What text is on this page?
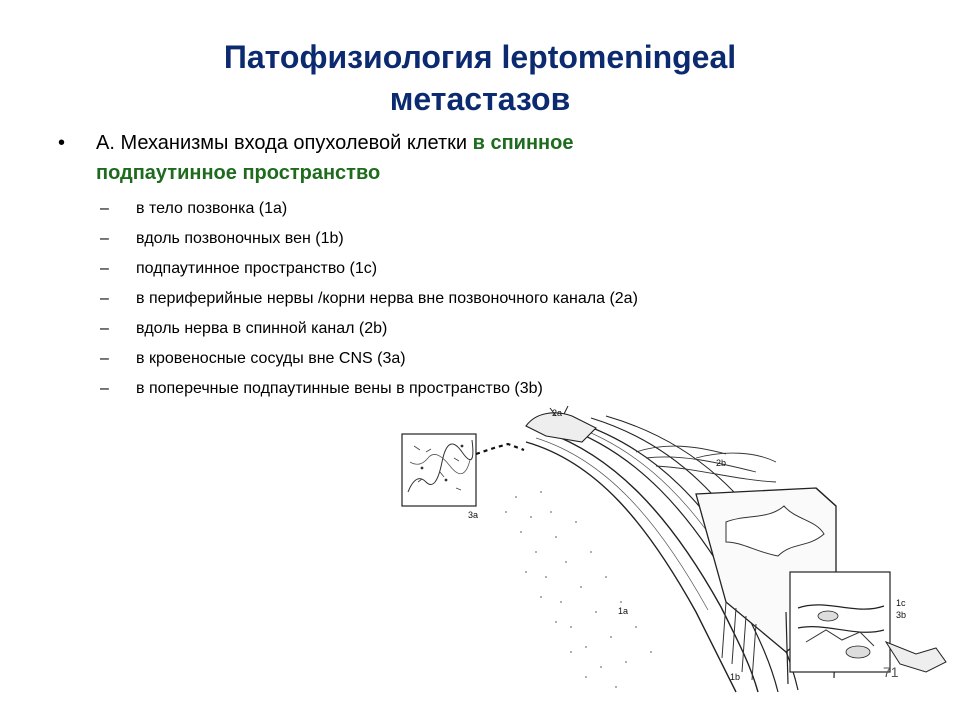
Патофизиология leptomeningeal
метастазов
• А. Механизмы входа опухолевой клетки в спинное
подпаутинное пространство
– в тело позвонка (1a)
– вдоль позвоночных вен (1b)
– подпаутинное пространство (1c)
– в периферийные нервы /корни нерва вне позвоночного канала (2a)
– вдоль нерва в спинной канал (2b)
– в кровеносные сосуды вне CNS (3a)
– в поперечные подпаутинные вены в пространство (3b)
2a
2b
3a
1a
1b
1c
3b
71
